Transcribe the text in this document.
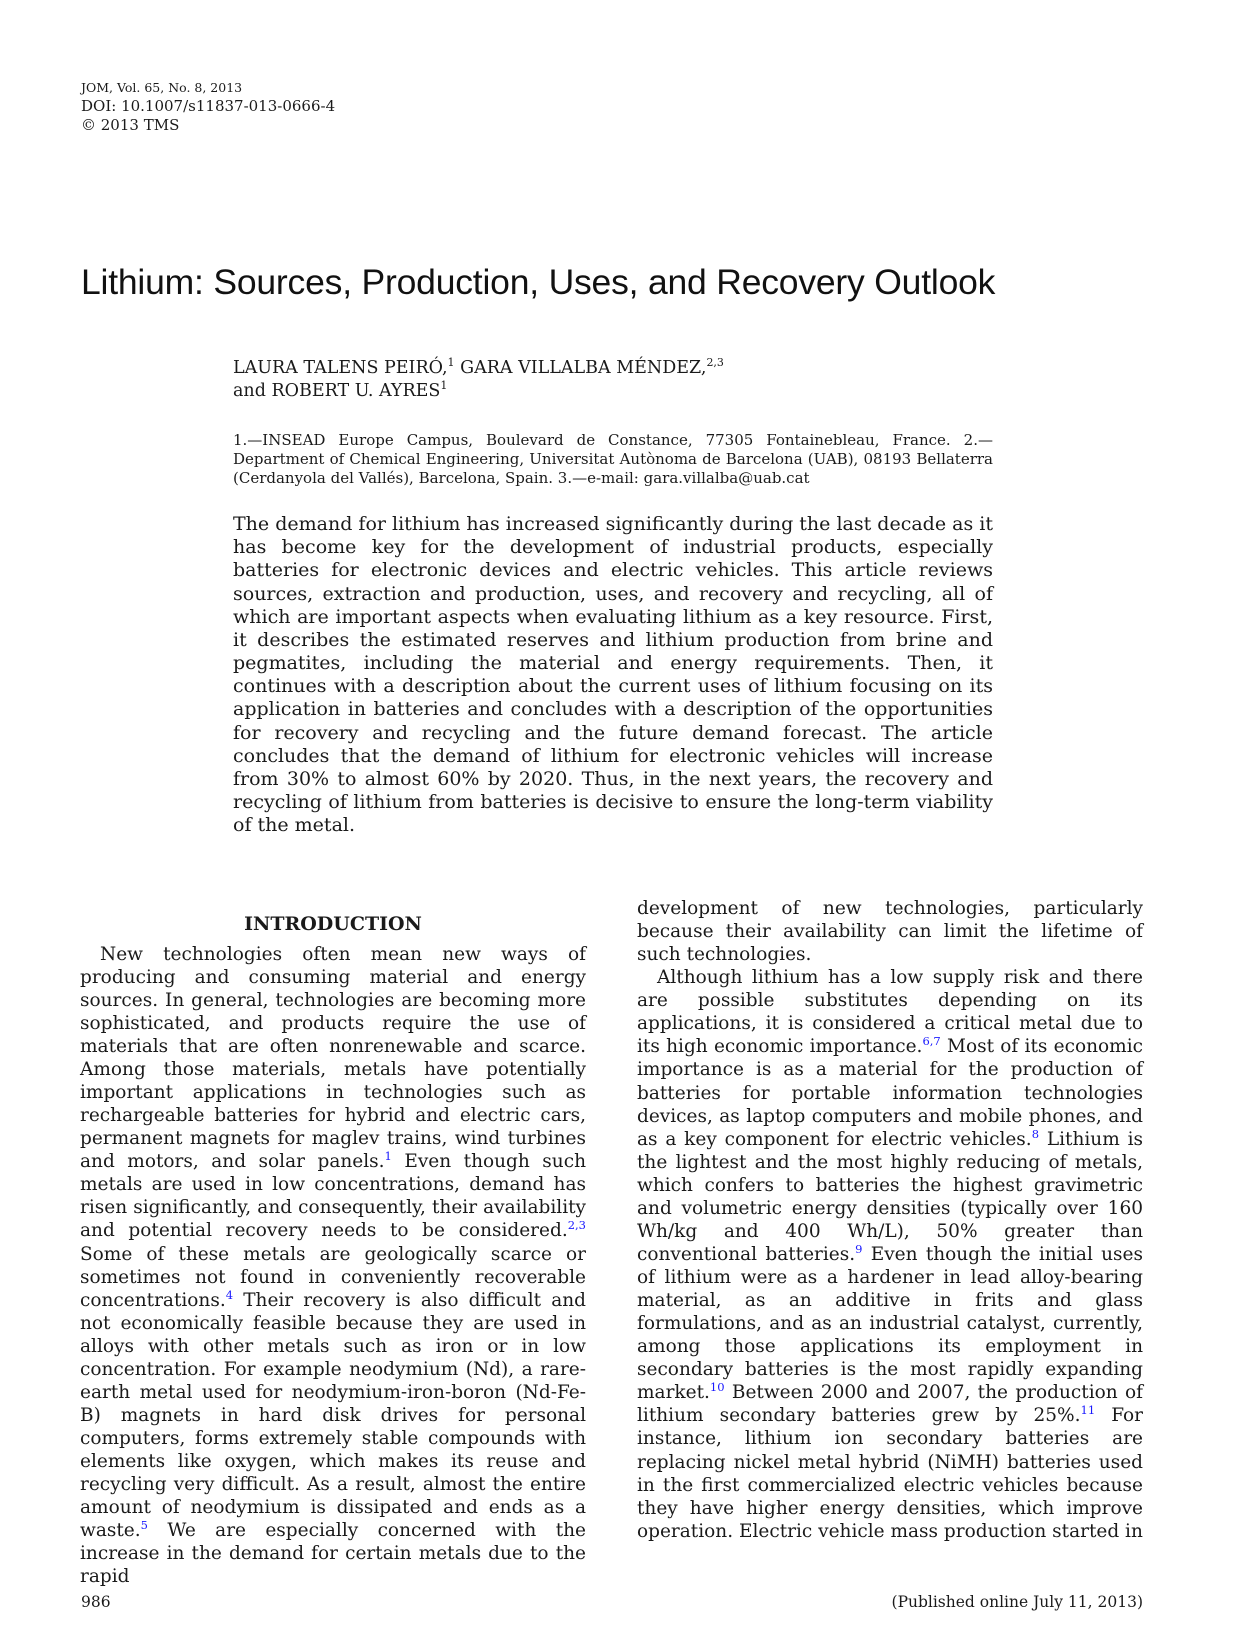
JOM, Vol. 65, No. 8, 2013
DOI: 10.1007/s11837-013-0666-4
© 2013 TMS
Lithium: Sources, Production, Uses, and Recovery Outlook
LAURA TALENS PEIRÓ,$^1$ GARA VILLALBA MÉNDEZ,$^{2,3}$
and ROBERT U. AYRES$^1$
1.—INSEAD Europe Campus, Boulevard de Constance, 77305 Fontainebleau, France. 2.—Department of Chemical Engineering, Universitat Autònoma de Barcelona (UAB), 08193 Bellaterra (Cerdanyola del Vallés), Barcelona, Spain. 3.—e-mail: gara.villalba@uab.cat
The demand for lithium has increased significantly during the last decade as it has become key for the development of industrial products, especially batteries for electronic devices and electric vehicles. This article reviews sources, extraction and production, uses, and recovery and recycling, all of which are important aspects when evaluating lithium as a key resource. First, it describes the estimated reserves and lithium production from brine and pegmatites, including the material and energy requirements. Then, it continues with a description about the current uses of lithium focusing on its application in batteries and concludes with a description of the opportunities for recovery and recycling and the future demand forecast. The article concludes that the demand of lithium for electronic vehicles will increase from 30% to almost 60% by 2020. Thus, in the next years, the recovery and recycling of lithium from batteries is decisive to ensure the long-term viability of the metal.
INTRODUCTION

New technologies often mean new ways of producing and consuming material and energy sources. In general, technologies are becoming more sophisticated, and products require the use of materials that are often nonrenewable and scarce. Among those materials, metals have potentially important applications in technologies such as rechargeable batteries for hybrid and electric cars, permanent magnets for maglev trains, wind turbines and motors, and solar panels.$^1$ Even though such metals are used in low concentrations, demand has risen significantly, and consequently, their availability and potential recovery needs to be considered.$^{2,3}$ Some of these metals are geologically scarce or sometimes not found in conveniently recoverable concentrations.$^4$ Their recovery is also difficult and not economically feasible because they are used in alloys with other metals such as iron or in low concentration. For example neodymium (Nd), a rare-earth metal used for neodymium-iron-boron (Nd-Fe-B) magnets in hard disk drives for personal computers, forms extremely stable compounds with elements like oxygen, which makes its reuse and recycling very difficult. As a result, almost the entire amount of neodymium is dissipated and ends as a waste.$^5$ We are especially concerned with the increase in the demand for certain metals due to the rapid

development of new technologies, particularly because their availability can limit the lifetime of such technologies.

Although lithium has a low supply risk and there are possible substitutes depending on its applications, it is considered a critical metal due to its high economic importance.$^{6,7}$ Most of its economic importance is as a material for the production of batteries for portable information technologies devices, as laptop computers and mobile phones, and as a key component for electric vehicles.$^8$ Lithium is the lightest and the most highly reducing of metals, which confers to batteries the highest gravimetric and volumetric energy densities (typically over 160 Wh/kg and 400 Wh/L), 50% greater than conventional batteries.$^9$ Even though the initial uses of lithium were as a hardener in lead alloy-bearing material, as an additive in frits and glass formulations, and as an industrial catalyst, currently, among those applications its employment in secondary batteries is the most rapidly expanding market.$^{10}$ Between 2000 and 2007, the production of lithium secondary batteries grew by 25%.$^{11}$ For instance, lithium ion secondary batteries are replacing nickel metal hybrid (NiMH) batteries used in the first commercialized electric vehicles because they have higher energy densities, which improve operation. Electric vehicle mass production started in

986	(Published online July 11, 2013)
